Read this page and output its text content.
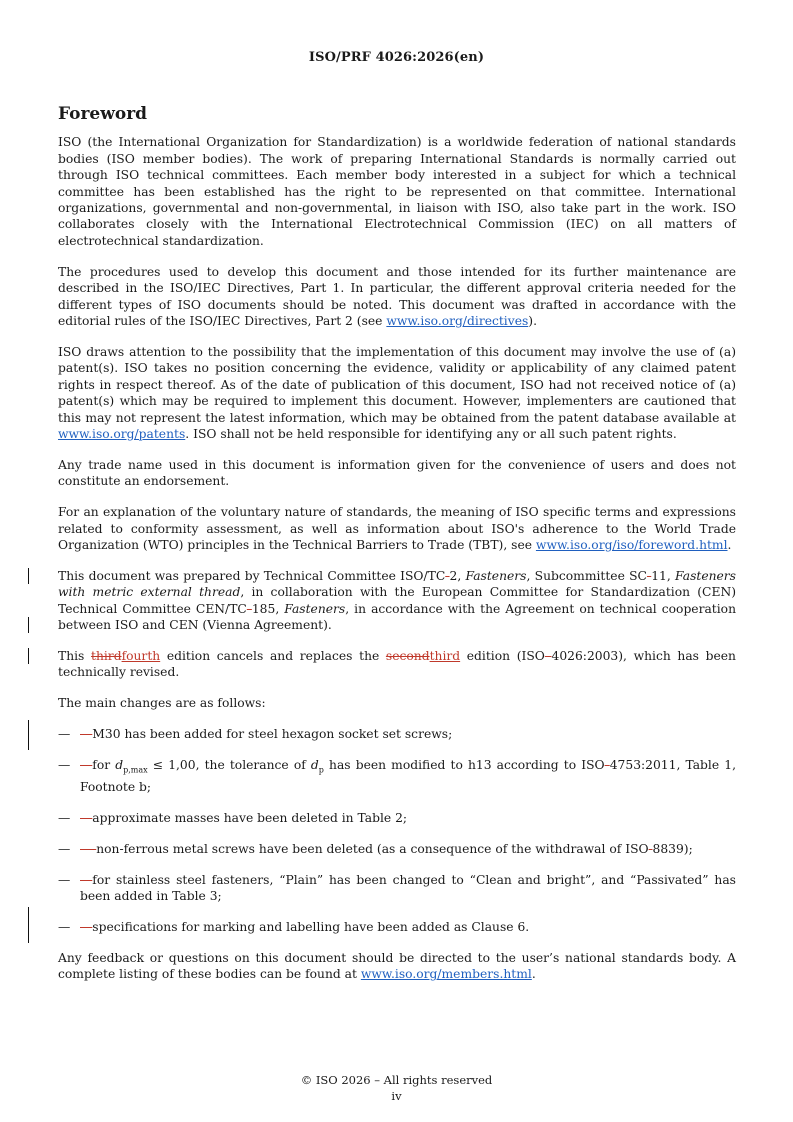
ISO/PRF 4026:2026(en)
Foreword

ISO (the International Organization for Standardization) is a worldwide federation of national standards bodies (ISO member bodies). The work of preparing International Standards is normally carried out through ISO technical committees. Each member body interested in a subject for which a technical committee has been established has the right to be represented on that committee. International organizations, governmental and non-governmental, in liaison with ISO, also take part in the work. ISO collaborates closely with the International Electrotechnical Commission (IEC) on all matters of electrotechnical standardization.

The procedures used to develop this document and those intended for its further maintenance are described in the ISO/IEC Directives, Part 1. In particular, the different approval criteria needed for the different types of ISO documents should be noted. This document was drafted in accordance with the editorial rules of the ISO/IEC Directives, Part 2 (see www.iso.org/directives).

ISO draws attention to the possibility that the implementation of this document may involve the use of (a) patent(s). ISO takes no position concerning the evidence, validity or applicability of any claimed patent rights in respect thereof. As of the date of publication of this document, ISO had not received notice of (a) patent(s) which may be required to implement this document. However, implementers are cautioned that this may not represent the latest information, which may be obtained from the patent database available at www.iso.org/patents. ISO shall not be held responsible for identifying any or all such patent rights.

Any trade name used in this document is information given for the convenience of users and does not constitute an endorsement.

For an explanation of the voluntary nature of standards, the meaning of ISO specific terms and expressions related to conformity assessment, as well as information about ISO's adherence to the World Trade Organization (WTO) principles in the Technical Barriers to Trade (TBT), see www.iso.org/iso/foreword.html.

This document was prepared by Technical Committee ISO/TC 2, Fasteners, Subcommittee SC 11, Fasteners with metric external thread, in collaboration with the European Committee for Standardization (CEN) Technical Committee CEN/TC 185, Fasteners, in accordance with the Agreement on technical cooperation between ISO and CEN (Vienna Agreement).

This thirdfourth edition cancels and replaces the secondthird edition (ISO 4026:2003), which has been technically revised.

The main changes are as follows:

— —M30 has been added for steel hexagon socket set screws;
— —for $d_{p,max} \le 1,00$, the tolerance of $d_p$ has been modified to h13 according to ISO 4753:2011, Table 1, Footnote b;
— —approximate masses have been deleted in Table 2;
— — non-ferrous metal screws have been deleted (as a consequence of the withdrawal of ISO 8839);
— —for stainless steel fasteners, “Plain” has been changed to “Clean and bright”, and “Passivated” has been added in Table 3;
— —specifications for marking and labelling have been added as Clause 6.

Any feedback or questions on this document should be directed to the user’s national standards body. A complete listing of these bodies can be found at www.iso.org/members.html.

© ISO 2026 – All rights reserved
iv
